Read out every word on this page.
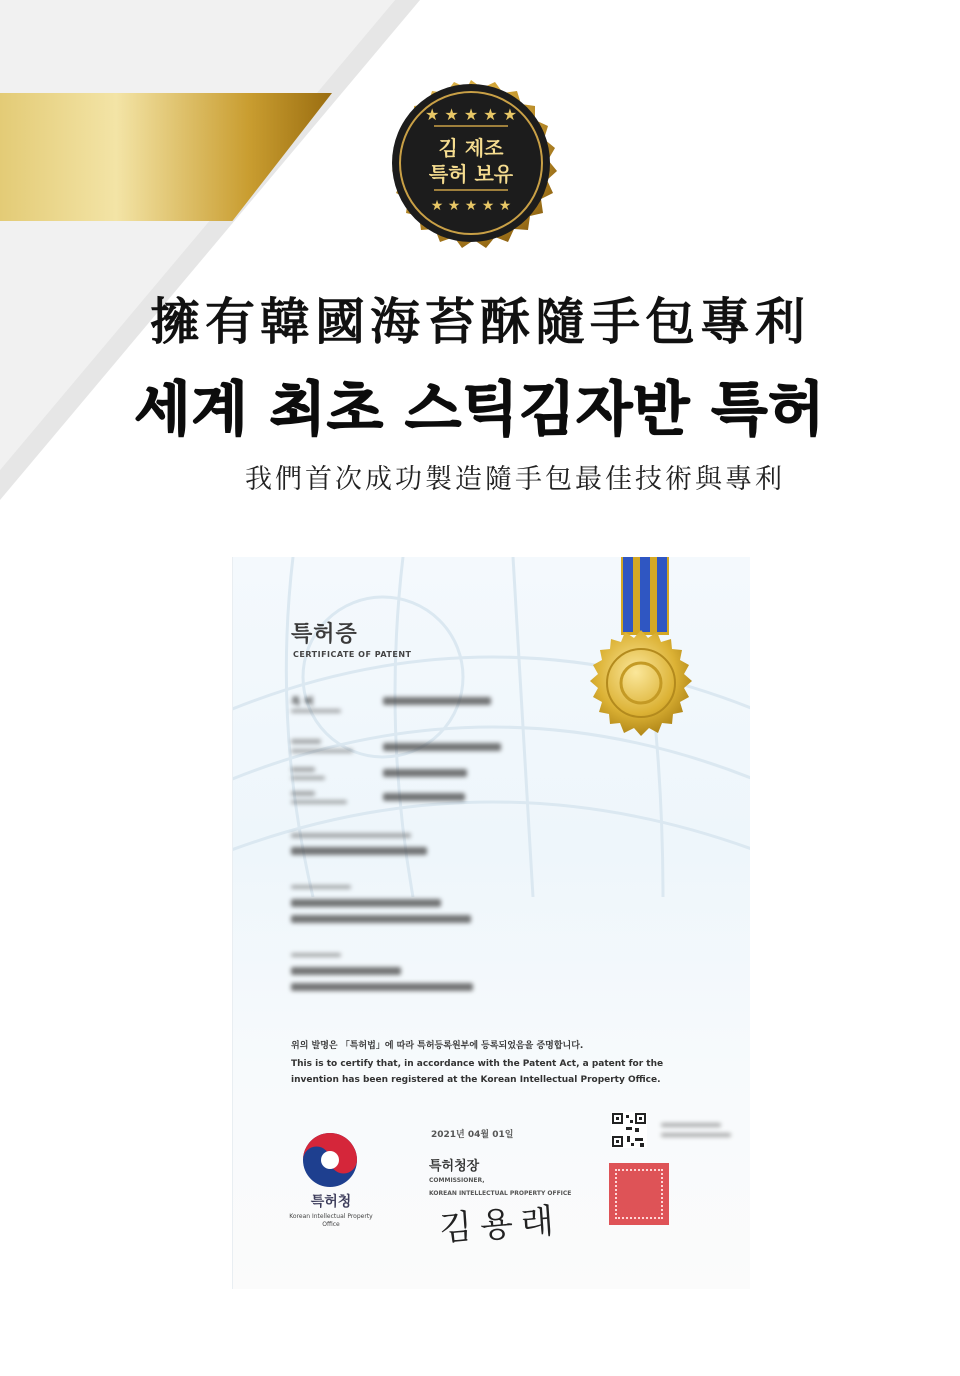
★ ★ ★ ★ ★
★ ★ ★ ★ ★
김 제조
특허 보유
擁有韓國海苔酥隨手包專利
세계 최초 스틱김자반 특허
我們首次成功製造隨手包最佳技術與專利
특허증
CERTIFICATE OF PATENT
특 허
위의 발명은 「특허법」에 따라 특허등록원부에 등록되었음을 증명합니다.
This is to certify that, in accordance with the Patent Act, a patent for the
invention has been registered at the Korean Intellectual Property Office.
특허청
Korean Intellectual Property Office
2021년 04월 01일
특허청장
COMMISSIONER,
KOREAN INTELLECTUAL PROPERTY OFFICE
김용래
